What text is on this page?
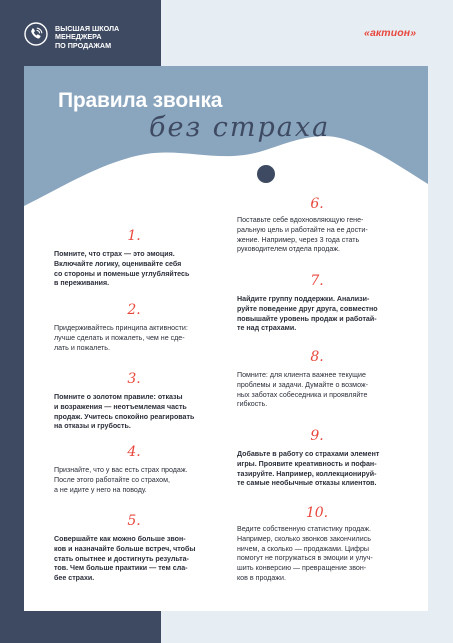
ВЫСШАЯ ШКОЛА
МЕНЕДЖЕРА
ПО ПРОДАЖАМ
«актион»
Правила звонка
без страха
1.
Помните, что страх — это эмоция.
Включайте логику, оценивайте себя
со стороны и поменьше углубляйтесь
в переживания.
2.
Придерживайтесь принципа активности:
лучше сделать и пожалеть, чем не сде-
лать и пожалеть.
3.
Помните о золотом правиле: отказы
и возражения — неотъемлемая часть
продаж. Учитесь спокойно реагировать
на отказы и грубость.
4.
Признайте, что у вас есть страх продаж.
После этого работайте со страхом,
а не идите у него на поводу.
5.
Совершайте как можно больше звон-
ков и назначайте больше встреч, чтобы
стать опытнее и достигнуть результа-
тов. Чем больше практики — тем сла-
бее страхи.
6.
Поставьте себе вдохновляющую гене-
ральную цель и работайте на ее дости-
жение. Например, через 3 года стать
руководителем отдела продаж.
7.
Найдите группу поддержки. Анализи-
руйте поведение друг друга, совместно
повышайте уровень продаж и работай-
те над страхами.
8.
Помните: для клиента важнее текущие
проблемы и задачи. Думайте о возмож-
ных заботах собеседника и проявляйте
гибкость.
9.
Добавьте в работу со страхами элемент
игры. Проявите креативность и пофан-
тазируйте. Например, коллекционируй-
те самые необычные отказы клиентов.
10.
Ведите собственную статистику продаж.
Например, сколько звонков закончились
ничем, а сколько — продажами. Цифры
помогут не погружаться в эмоции и улуч-
шить конверсию — превращение звон-
ков в продажи.
